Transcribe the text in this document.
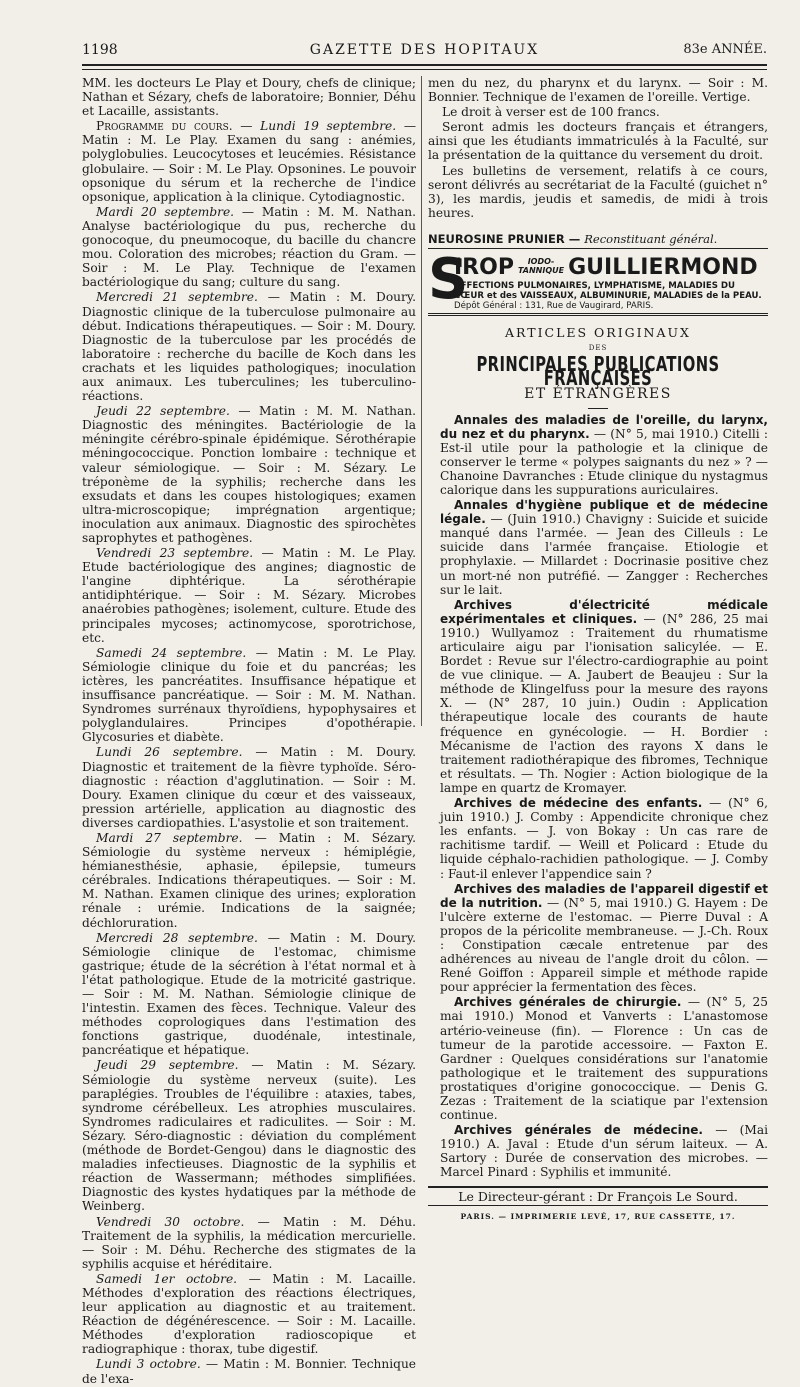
1198	GAZETTE DES HOPITAUX	83e ANNÉE.

MM. les docteurs Le Play et Doury, chefs de clinique; Nathan et Sézary, chefs de laboratoire; Bonnier, Déhu et Lacaille, assistants.

Programme du cours. — Lundi 19 septembre. — Matin : M. Le Play. Examen du sang : anémies, polyglobulies. Leucocytoses et leucémies. Résistance globulaire. — Soir : M. Le Play. Opsonines. Le pouvoir opsonique du sérum et la recherche de l'indice opsonique, application à la clinique. Cytodiagnostic.

Mardi 20 septembre. — Matin : M. M. Nathan. Analyse bactériologique du pus, recherche du gonocoque, du pneumocoque, du bacille du chancre mou. Coloration des microbes; réaction du Gram. — Soir : M. Le Play. Technique de l'examen bactériologique du sang; culture du sang.

Mercredi 21 septembre. — Matin : M. Doury. Diagnostic clinique de la tuberculose pulmonaire au début. Indications thérapeutiques. — Soir : M. Doury. Diagnostic de la tuberculose par les procédés de laboratoire : recherche du bacille de Koch dans les crachats et les liquides pathologiques; inoculation aux animaux. Les tuberculines; les tuberculino-réactions.

Jeudi 22 septembre. — Matin : M. M. Nathan. Diagnostic des méningites. Bactériologie de la méningite cérébro-spinale épidémique. Sérothérapie méningococcique. Ponction lombaire : technique et valeur sémiologique. — Soir : M. Sézary. Le tréponème de la syphilis; recherche dans les exsudats et dans les coupes histologiques; examen ultra-microscopique; imprégnation argentique; inoculation aux animaux. Diagnostic des spirochètes saprophytes et pathogènes.

Vendredi 23 septembre. — Matin : M. Le Play. Etude bactériologique des angines; diagnostic de l'angine diphtérique. La sérothérapie antidiphtérique. — Soir : M. Sézary. Microbes anaérobies pathogènes; isolement, culture. Etude des principales mycoses; actinomycose, sporotrichose, etc.

Samedi 24 septembre. — Matin : M. Le Play. Sémiologie clinique du foie et du pancréas; les ictères, les pancréatites. Insuffisance hépatique et insuffisance pancréatique. — Soir : M. M. Nathan. Syndromes surrénaux thyroïdiens, hypophysaires et polyglandulaires. Principes d'opothérapie. Glycosuries et diabète.

Lundi 26 septembre. — Matin : M. Doury. Diagnostic et traitement de la fièvre typhoïde. Séro-diagnostic : réaction d'agglutination. — Soir : M. Doury. Examen clinique du cœur et des vaisseaux, pression artérielle, application au diagnostic des diverses cardiopathies. L'asystolie et son traitement.

Mardi 27 septembre. — Matin : M. Sézary. Sémiologie du système nerveux : hémiplégie, hémianesthésie, aphasie, épilepsie, tumeurs cérébrales. Indications thérapeutiques. — Soir : M. M. Nathan. Examen clinique des urines; exploration rénale : urémie. Indications de la saignée; déchloruration.

Mercredi 28 septembre. — Matin : M. Doury. Sémiologie clinique de l'estomac, chimisme gastrique; étude de la sécrétion à l'état normal et à l'état pathologique. Etude de la motricité gastrique. — Soir : M. M. Nathan. Sémiologie clinique de l'intestin. Examen des fèces. Technique. Valeur des méthodes coprologiques dans l'estimation des fonctions gastrique, duodénale, intestinale, pancréatique et hépatique.

Jeudi 29 septembre. — Matin : M. Sézary. Sémiologie du système nerveux (suite). Les paraplégies. Troubles de l'équilibre : ataxies, tabes, syndrome cérébelleux. Les atrophies musculaires. Syndromes radiculaires et radiculites. — Soir : M. Sézary. Séro-diagnostic : déviation du complément (méthode de Bordet-Gengou) dans le diagnostic des maladies infectieuses. Diagnostic de la syphilis et réaction de Wassermann; méthodes simplifiées. Diagnostic des kystes hydatiques par la méthode de Weinberg.

Vendredi 30 octobre. — Matin : M. Déhu. Traitement de la syphilis, la médication mercurielle. — Soir : M. Déhu. Recherche des stigmates de la syphilis acquise et héréditaire.

Samedi 1er octobre. — Matin : M. Lacaille. Méthodes d'exploration des réactions électriques, leur application au diagnostic et au traitement. Réaction de dégénérescence. — Soir : M. Lacaille. Méthodes d'exploration radioscopique et radiographique : thorax, tube digestif.

Lundi 3 octobre. — Matin : M. Bonnier. Technique de l'exa-

men du nez, du pharynx et du larynx. — Soir : M. Bonnier. Technique de l'examen de l'oreille. Vertige.

Le droit à verser est de 100 francs.

Seront admis les docteurs français et étrangers, ainsi que les étudiants immatriculés à la Faculté, sur la présentation de la quittance du versement du droit.

Les bulletins de versement, relatifs à ce cours, seront délivrés au secrétariat de la Faculté (guichet n° 3), les mardis, jeudis et samedis, de midi à trois heures.

NEUROSINE PRUNIER — Reconstituant général.
S
IROP IODO-
TANNIQUE GUILLIERMOND
AFFECTIONS PULMONAIRES, LYMPHATISME, MALADIES DU
CŒUR et des VAISSEAUX, ALBUMINURIE, MALADIES de la PEAU.
Dépôt Général : 131, Rue de Vaugirard, PARIS.
ARTICLES ORIGINAUX
DES
PRINCIPALES PUBLICATIONS FRANÇAISES
ET ÉTRANGÈRES

Annales des maladies de l'oreille, du larynx, du nez et du pharynx. — (N° 5, mai 1910.) Citelli : Est-il utile pour la pathologie et la clinique de conserver le terme « polypes saignants du nez » ? — Chanoine Davranches : Etude clinique du nystagmus calorique dans les suppurations auriculaires.

Annales d'hygiène publique et de médecine légale. — (Juin 1910.) Chavigny : Suicide et suicide manqué dans l'armée. — Jean des Cilleuls : Le suicide dans l'armée française. Etiologie et prophylaxie. — Millardet : Docrinasie positive chez un mort-né non putréfié. — Zangger : Recherches sur le lait.

Archives d'électricité médicale expérimentales et cliniques. — (N° 286, 25 mai 1910.) Wullyamoz : Traitement du rhumatisme articulaire aigu par l'ionisation salicylée. — E. Bordet : Revue sur l'électro-cardiographie au point de vue clinique. — A. Jaubert de Beaujeu : Sur la méthode de Klingelfuss pour la mesure des rayons X. — (N° 287, 10 juin.) Oudin : Application thérapeutique locale des courants de haute fréquence en gynécologie. — H. Bordier : Mécanisme de l'action des rayons X dans le traitement radiothérapique des fibromes, Technique et résultats. — Th. Nogier : Action biologique de la lampe en quartz de Kromayer.

Archives de médecine des enfants. — (N° 6, juin 1910.) J. Comby : Appendicite chronique chez les enfants. — J. von Bokay : Un cas rare de rachitisme tardif. — Weill et Policard : Etude du liquide céphalo-rachidien pathologique. — J. Comby : Faut-il enlever l'appendice sain ?

Archives des maladies de l'appareil digestif et de la nutrition. — (N° 5, mai 1910.) G. Hayem : De l'ulcère externe de l'estomac. — Pierre Duval : A propos de la péricolite membraneuse. — J.-Ch. Roux : Constipation cæcale entretenue par des adhérences au niveau de l'angle droit du côlon. — René Goiffon : Appareil simple et méthode rapide pour apprécier la fermentation des fèces.

Archives générales de chirurgie. — (N° 5, 25 mai 1910.) Monod et Vanverts : L'anastomose artério-veineuse (fin). — Florence : Un cas de tumeur de la parotide accessoire. — Faxton E. Gardner : Quelques considérations sur l'anatomie pathologique et le traitement des suppurations prostatiques d'origine gonococcique. — Denis G. Zezas : Traitement de la sciatique par l'extension continue.

Archives générales de médecine. — (Mai 1910.) A. Javal : Etude d'un sérum laiteux. — A. Sartory : Durée de conservation des microbes. — Marcel Pinard : Syphilis et immunité.

Le Directeur-gérant : Dr François Le Sourd.
PARIS. — IMPRIMERIE LEVÉ, 17, RUE CASSETTE, 17.
